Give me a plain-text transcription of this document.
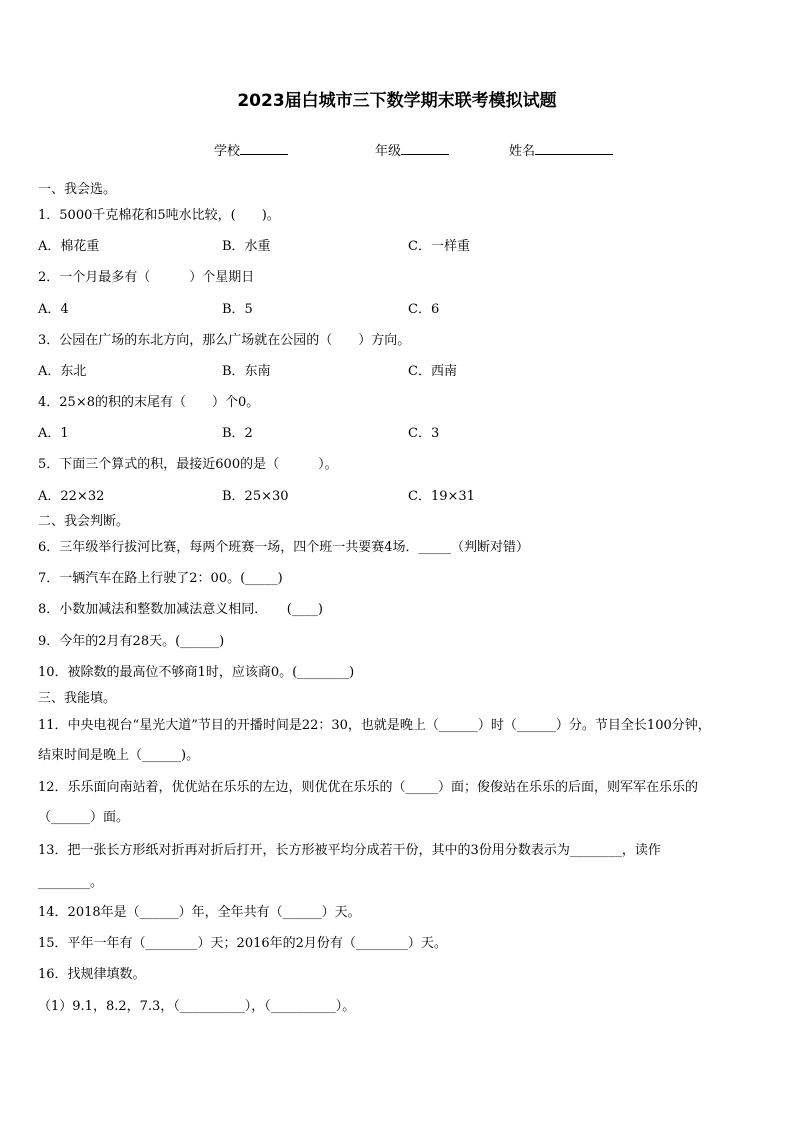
2023届白城市三下数学期末联考模拟试题
学校	年级	姓名
一、我会选。
1．5000千克棉花和5吨水比较，(　　)。
A．棉花重	B．水重	C．一样重
2．一个月最多有（　　　）个星期日
A．4	B．5	C．6
3．公园在广场的东北方向，那么广场就在公园的（　　）方向。
A．东北	B．东南	C．西南
4．25×8的积的末尾有（　　）个0。
A．1	B．2	C．3
5．下面三个算式的积，最接近600的是（　　　）。
A．22×32	B．25×30	C．19×31
二、我会判断。
6．三年级举行拔河比赛，每两个班赛一场，四个班一共要赛4场．_____（判断对错）
7．一辆汽车在路上行驶了2：00。(_____)
8．小数加减法和整数加减法意义相同．　　(____)
9．今年的2月有28天。(______)
10．被除数的最高位不够商1时，应该商0。(________)
三、我能填。
11．中央电视台“星光大道”节目的开播时间是22：30，也就是晚上（______）时（______）分。节目全长100分钟，
结束时间是晚上（______)。
12．乐乐面向南站着，优优站在乐乐的左边，则优优在乐乐的（_____）面；俊俊站在乐乐的后面，则军军在乐乐的
（______）面。
13．把一张长方形纸对折再对折后打开，长方形被平均分成若干份，其中的3份用分数表示为________，读作
________。
14．2018年是（______）年，全年共有（______）天。
15．平年一年有（________）天；2016年的2月份有（________）天。
16．找规律填数。
（1）9.1，8.2，7.3，（__________），（__________）。
